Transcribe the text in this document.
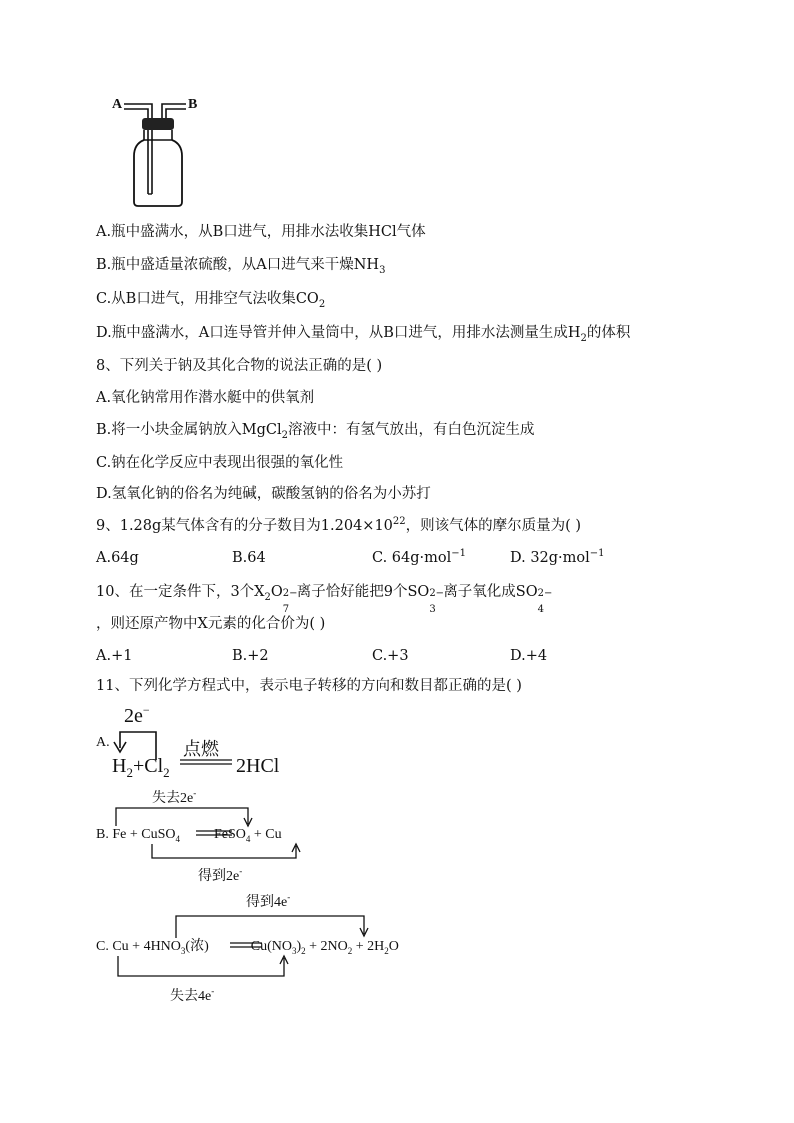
A	B
A.瓶中盛满水，从B口进气，用排水法收集HCl气体
B.瓶中盛适量浓硫酸，从A口进气来干燥$NH_3$
C.从B口进气，用排空气法收集$CO_2$
D.瓶中盛满水，A口连导管并伸入量筒中，从B口进气，用排水法测量生成$H_2$的体积
8、下列关于钠及其化合物的说法正确的是( )
A.氧化钠常用作潜水艇中的供氧剂
B.将一小块金属钠放入MgCl$_2$溶液中：有氢气放出，有白色沉淀生成
C.钠在化学反应中表现出很强的氧化性
D.氢氧化钠的俗名为纯碱，碳酸氢钠的俗名为小苏打
9、1.28g某气体含有的分子数目为$1.204\times 10^{22}$，则该气体的摩尔质量为( )
A.64g	B.64	C. 64g·mol$^{-1}$	D. 32g·mol$^{-1}$
10、在一定条件下，3个$X_2O$ 2−
7
离子恰好能把9个SO 2−
3
离子氧化成SO 2−
4
，则还原产物中X元素的化合价为( )
A.+1	B.+2	C.+3	D.+4
11、下列化学方程式中，表示电子转移的方向和数目都正确的是( )
A.
2e−
$H_2+Cl_2$
点燃
2HCl
失去2e-
B. Fe + CuSO$_4$ FeSO$_4$ + Cu
得到2e-
得到4e-
C. $Cu + 4HNO_3$(浓)	$Cu(NO_3)_2 + 2NO_2 + 2H_2O$
失去4e-
